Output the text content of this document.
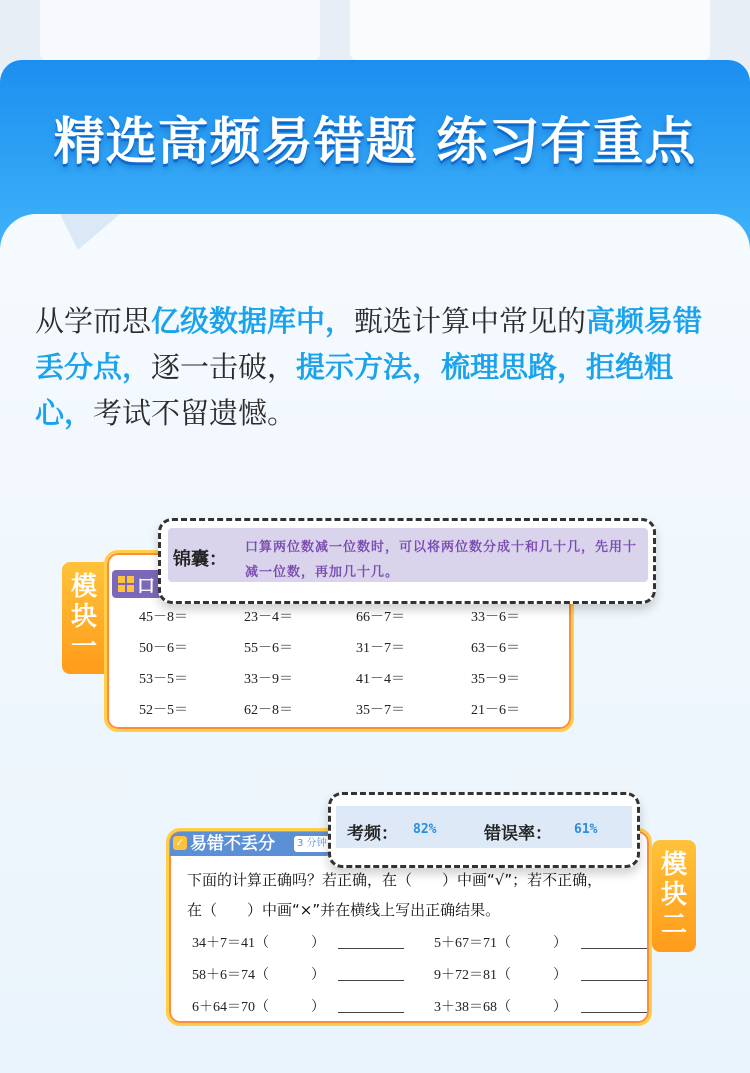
精选高频易错题 练习有重点
从学而思亿级数据库中，甄选计算中常见的高频易错丢分点，逐一击破，提示方法，梳理思路，拒绝粗心，考试不留遗憾。
模块一
口
45－8＝	23－4＝	66－7＝	33－6＝
50－6＝	55－6＝	31－7＝	63－6＝
53－5＝	33－9＝	41－4＝	35－9＝
52－5＝	62－8＝	35－7＝	21－6＝
锦囊：
口算两位数减一位数时，可以将两位数分成十和几十几，先用十减一位数，再加几十几。
✓ 易错不丢分	3 分钟
下面的计算正确吗？若正确，在（　　）中画“√”；若不正确，
在（　　）中画“×”并在横线上写出正确结果。
34＋7＝41（　　　）	5＋67＝71（　　　）
58＋6＝74（　　　）	9＋72＝81（　　　）
6＋64＝70（　　　）	3＋38＝68（　　　）
模块二
考频： 82%	错误率： 61%
